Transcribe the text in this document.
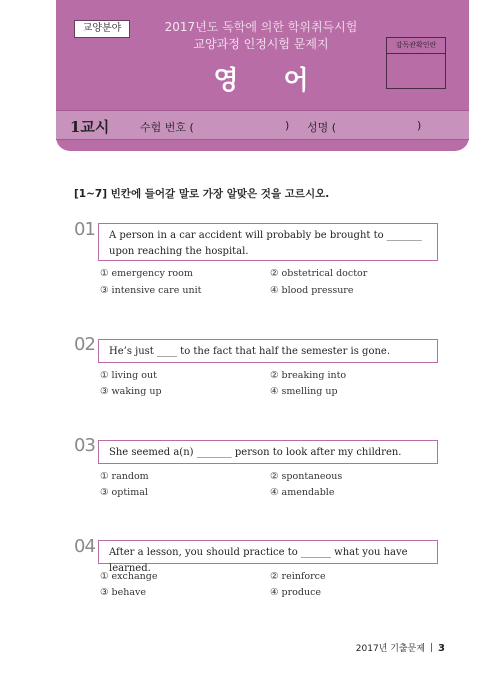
교양분야	2017년도 독학에 의한 학위취득시험
교양과정 인정시험 문제지
영 어
감독관확인란
1교시	수험 번호 (	) 성명 (	)
[1~7] 빈칸에 들어갈 말로 가장 알맞은 것을 고르시오.
01	A person in a car accident will probably be brought to _______ upon reaching the hospital.
① emergency room	② obstetrical doctor
③ intensive care unit	④ blood pressure
02	He’s just ____ to the fact that half the semester is gone.
① living out	② breaking into
③ waking up	④ smelling up
03	She seemed a(n) _______ person to look after my children.
① random	② spontaneous
③ optimal	④ amendable
04	After a lesson, you should practice to ______ what you have learned.
① exchange	② reinforce
③ behave	④ produce
2017년 기출문제 3
